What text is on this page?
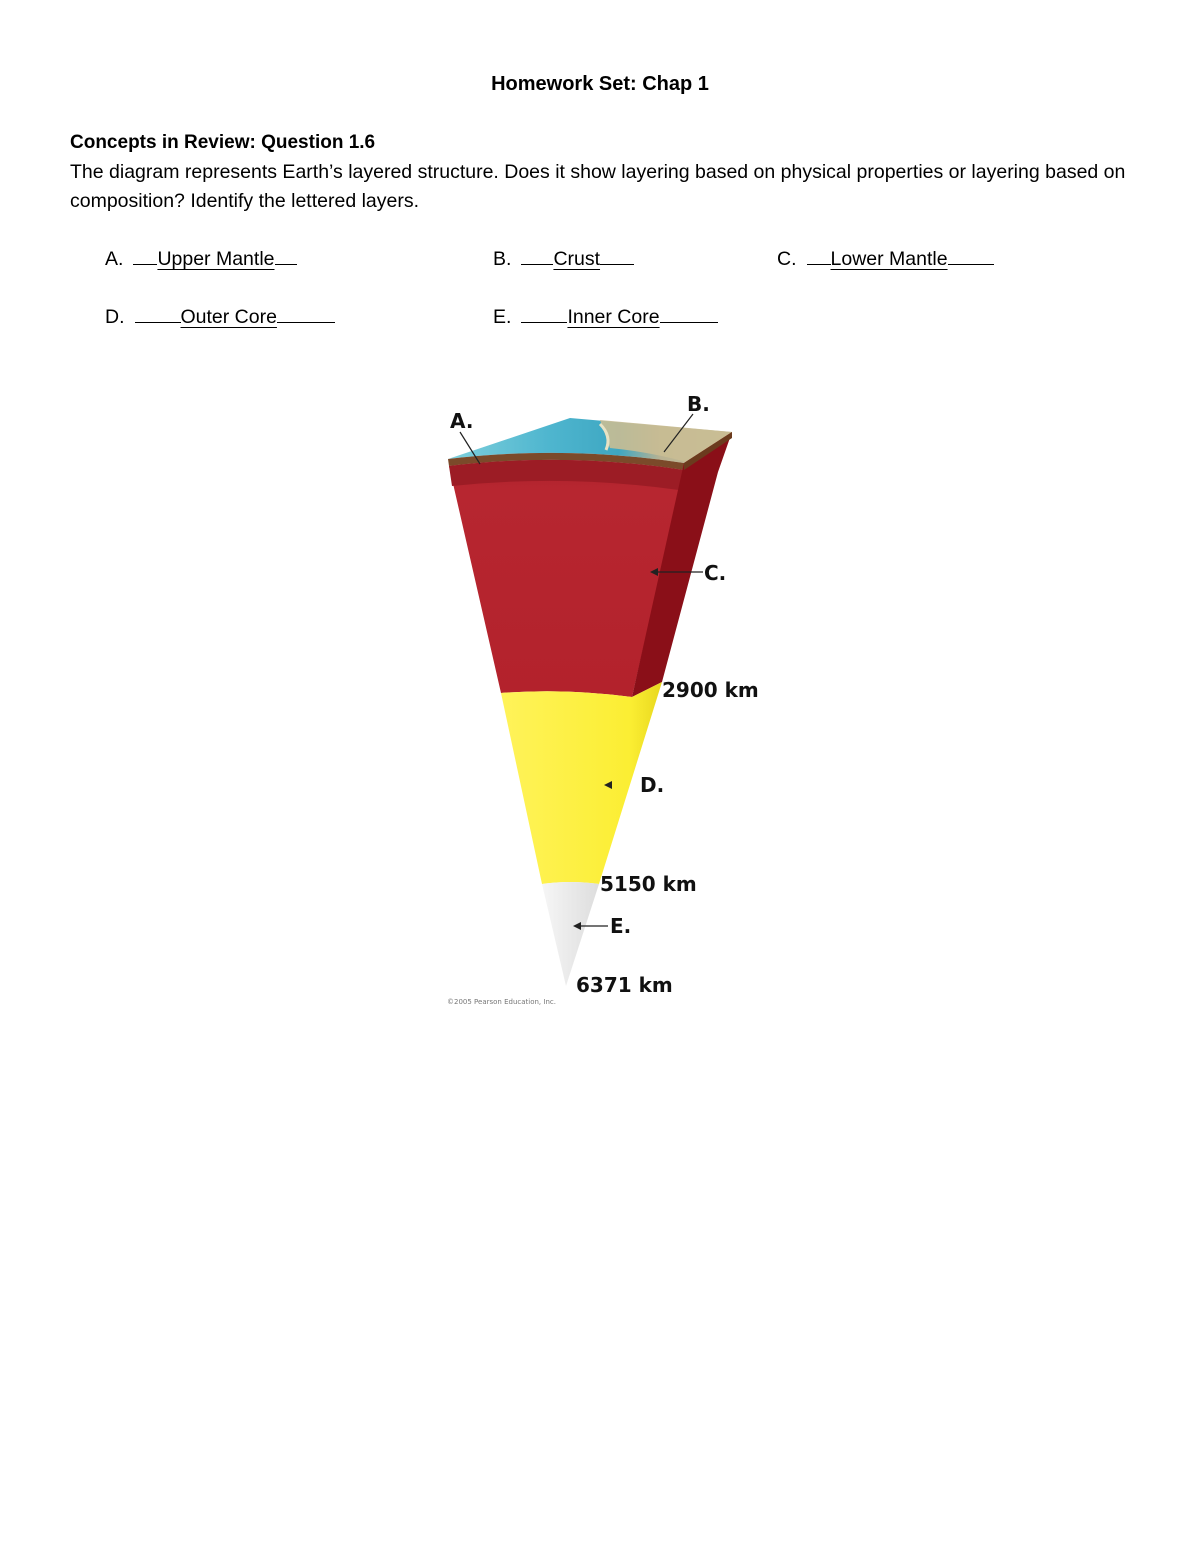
Homework Set: Chap 1
Concepts in Review: Question 1.6
The diagram represents Earth’s layered structure. Does it show layering based on physical properties or layering based on composition? Identify the lettered layers.
A. Upper Mantle	B. Crust	C. Lower Mantle
D.	Outer Core	E.	Inner Core
A.
B.
C.
D.
E.
2900 km
5150 km
6371 km
©2005 Pearson Education, Inc.
